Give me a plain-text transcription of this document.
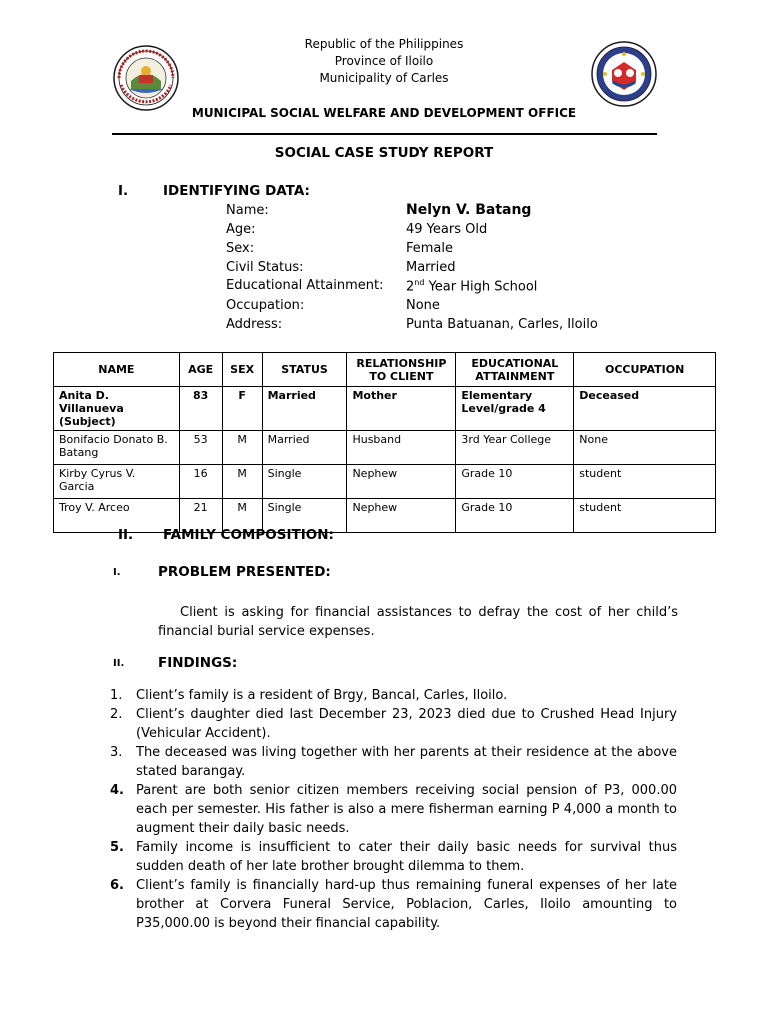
Republic of the Philippines
Province of Iloilo
Municipality of Carles
MUNICIPAL SOCIAL WELFARE AND DEVELOPMENT OFFICE
SOCIAL CASE STUDY REPORT
I.	IDENTIFYING DATA:
Name:	Nelyn V. Batang
Age:	49 Years Old
Sex:	Female
Civil Status:	Married
Educational Attainment: 2nd Year High School
Occupation:	None
Address:	Punta Batuanan, Carles, Iloilo
NAME	AGE	SEX	STATUS	RELATIONSHIP TO CLIENT	EDUCATIONAL ATTAINMENT	OCCUPATION
Anita D. Villanueva (Subject)	83	F	Married	Mother	Elementary Level/grade 4	Deceased
Bonifacio Donato B. Batang	53	M	Married	Husband	3rd Year College	None
Kirby Cyrus V. Garcia	16	M	Single	Nephew	Grade 10	student
Troy V. Arceo	21	M	Single	Nephew	Grade 10	student
II. FAMILY COMPOSITION:
I.	PROBLEM PRESENTED:
Client is asking for financial assistances to defray the cost of her child’s financial burial service expenses.
II.	FINDINGS:
1. Client’s family is a resident of Brgy, Bancal, Carles, Iloilo.
2. Client’s daughter died last December 23, 2023 died due to Crushed Head Injury (Vehicular Accident).
3. The deceased was living together with her parents at their residence at the above stated barangay.
4. Parent are both senior citizen members receiving social pension of P3, 000.00 each per semester. His father is also a mere fisherman earning P 4,000 a month to augment their daily basic needs.
5. Family income is insufficient to cater their daily basic needs for survival thus sudden death of her late brother brought dilemma to them.
6. Client’s family is financially hard-up thus remaining funeral expenses of her late brother at Corvera Funeral Service, Poblacion, Carles, Iloilo amounting to P35,000.00 is beyond their financial capability.
